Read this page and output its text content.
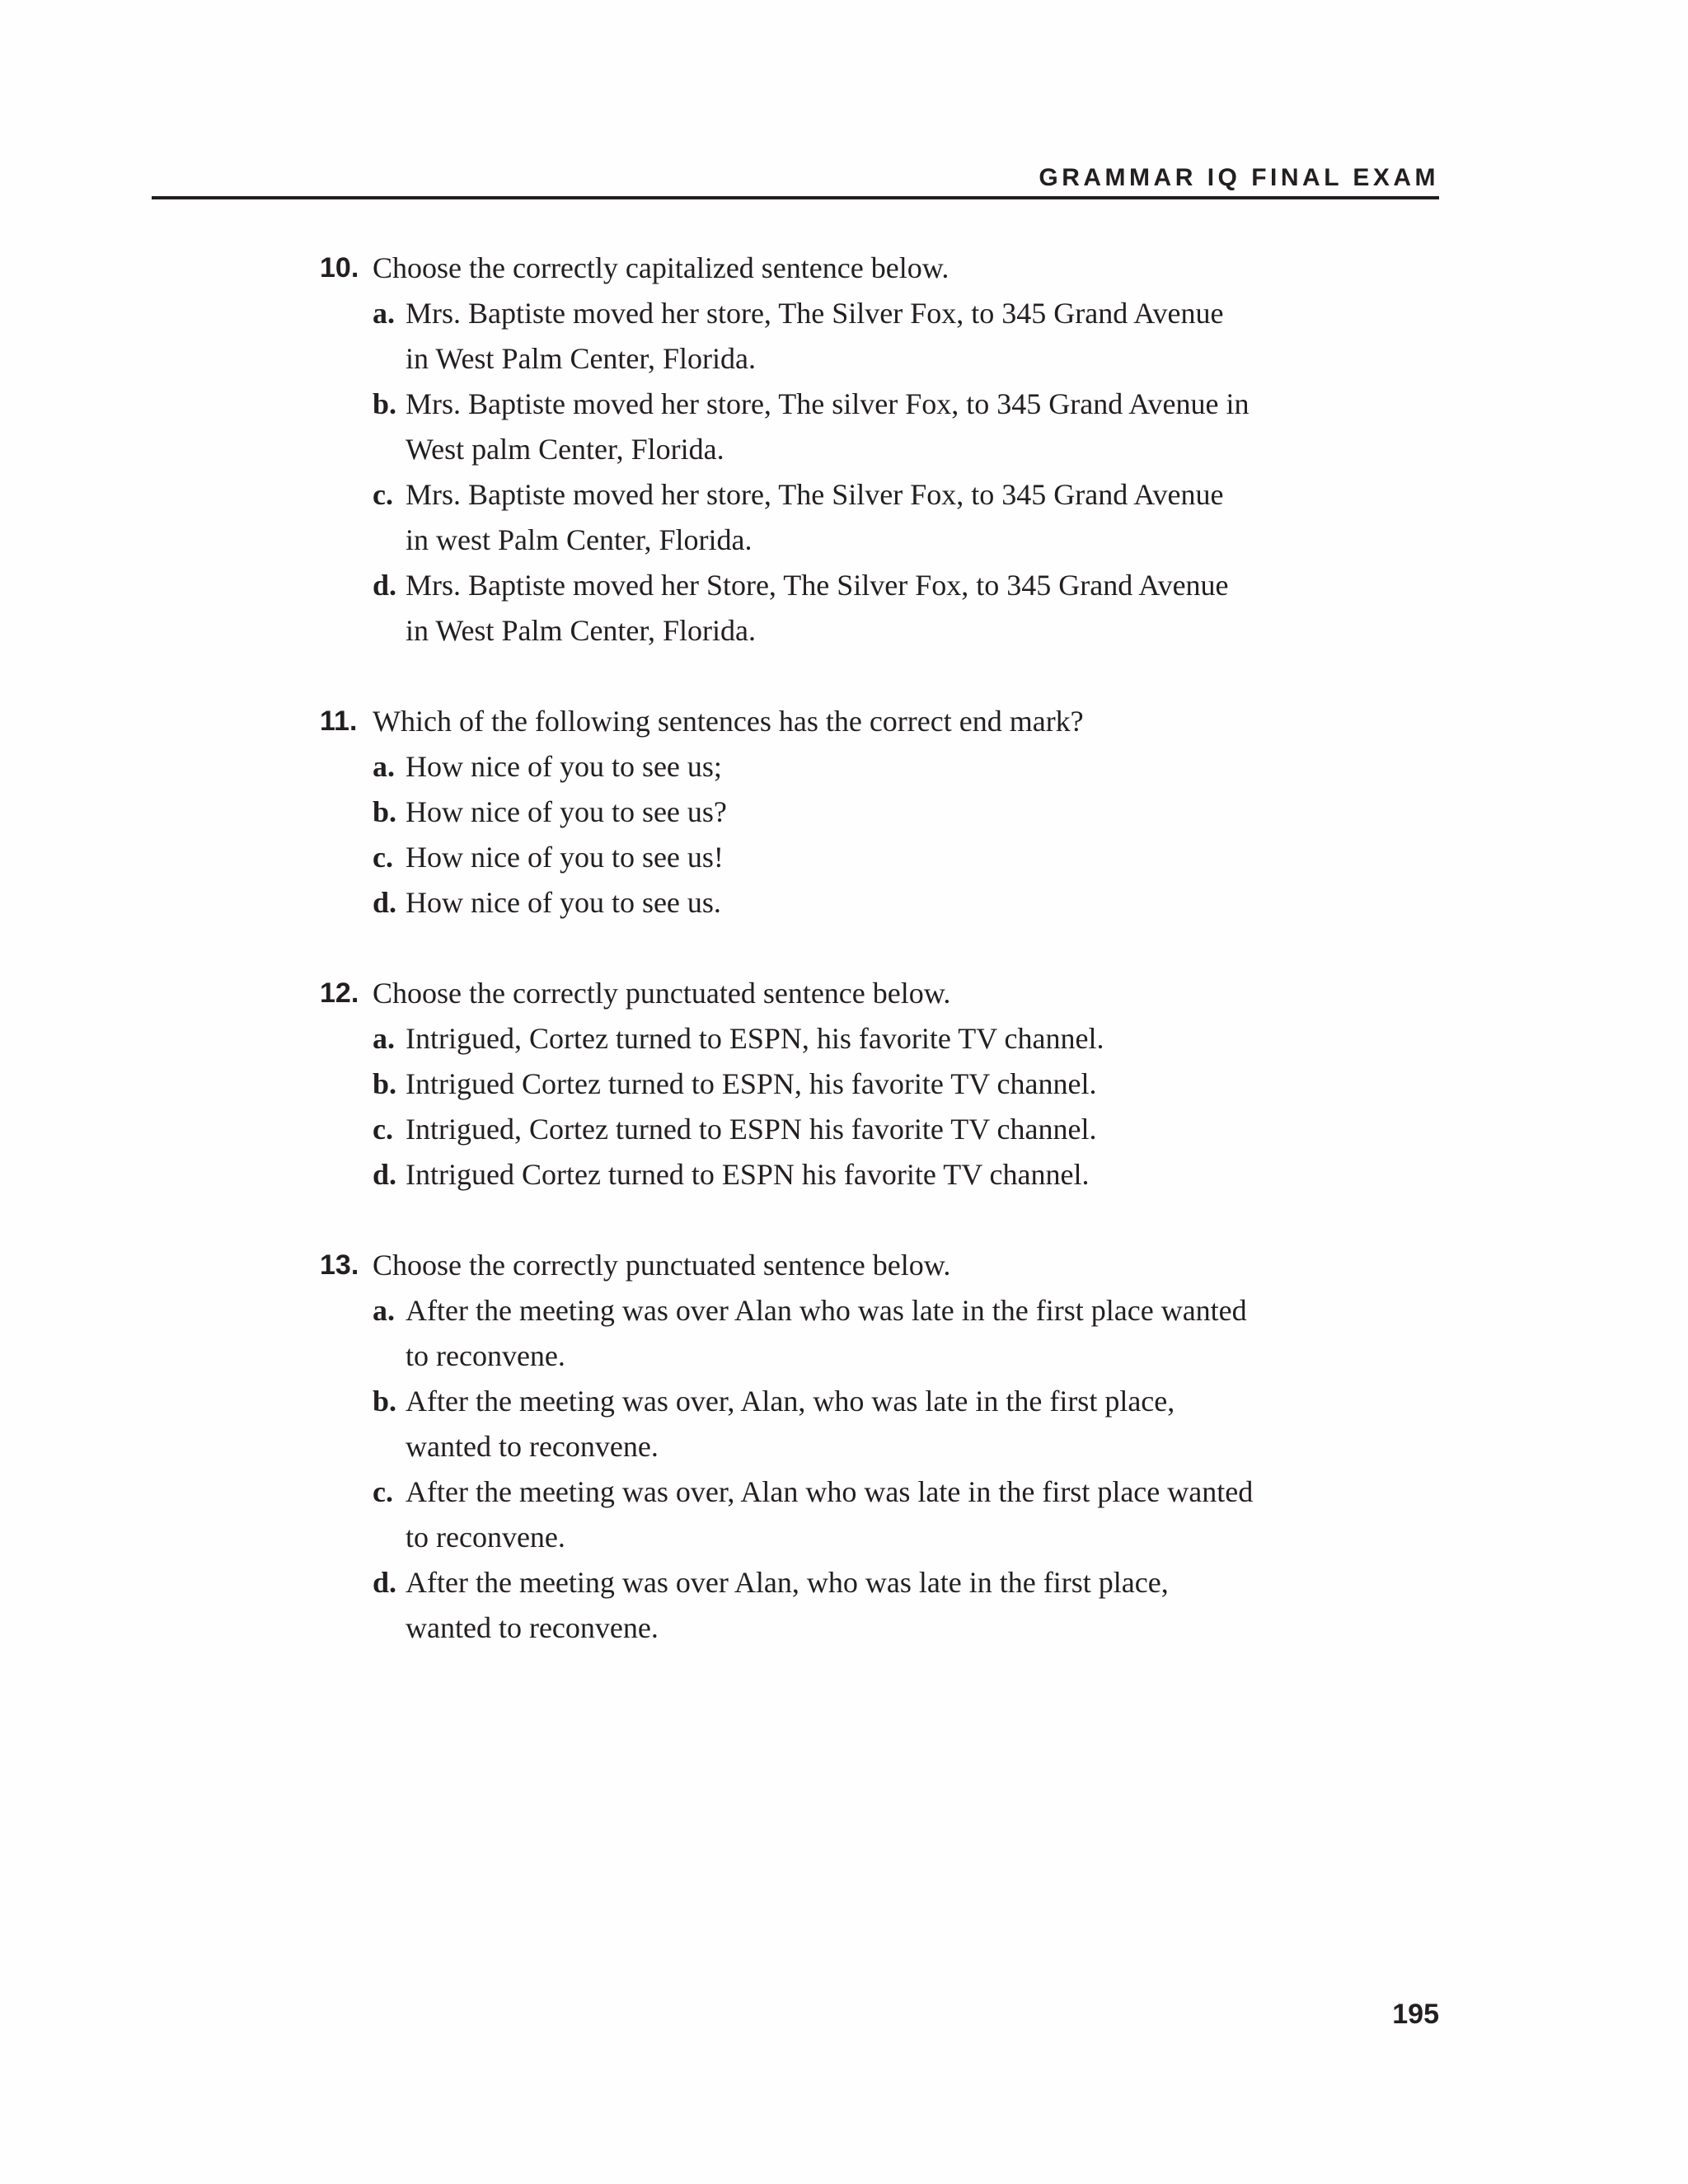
GRAMMAR IQ FINAL EXAM
10. Choose the correctly capitalized sentence below.
a. Mrs. Baptiste moved her store, The Silver Fox, to 345 Grand Avenue
in West Palm Center, Florida.
b. Mrs. Baptiste moved her store, The silver Fox, to 345 Grand Avenue in
West palm Center, Florida.
c. Mrs. Baptiste moved her store, The Silver Fox, to 345 Grand Avenue
in west Palm Center, Florida.
d. Mrs. Baptiste moved her Store, The Silver Fox, to 345 Grand Avenue
in West Palm Center, Florida.
11. Which of the following sentences has the correct end mark?
a. How nice of you to see us;
b. How nice of you to see us?
c. How nice of you to see us!
d. How nice of you to see us.
12. Choose the correctly punctuated sentence below.
a. Intrigued, Cortez turned to ESPN, his favorite TV channel.
b. Intrigued Cortez turned to ESPN, his favorite TV channel.
c. Intrigued, Cortez turned to ESPN his favorite TV channel.
d. Intrigued Cortez turned to ESPN his favorite TV channel.
13. Choose the correctly punctuated sentence below.
a. After the meeting was over Alan who was late in the first place wanted
to reconvene.
b. After the meeting was over, Alan, who was late in the first place,
wanted to reconvene.
c. After the meeting was over, Alan who was late in the first place wanted
to reconvene.
d. After the meeting was over Alan, who was late in the first place,
wanted to reconvene.
195
